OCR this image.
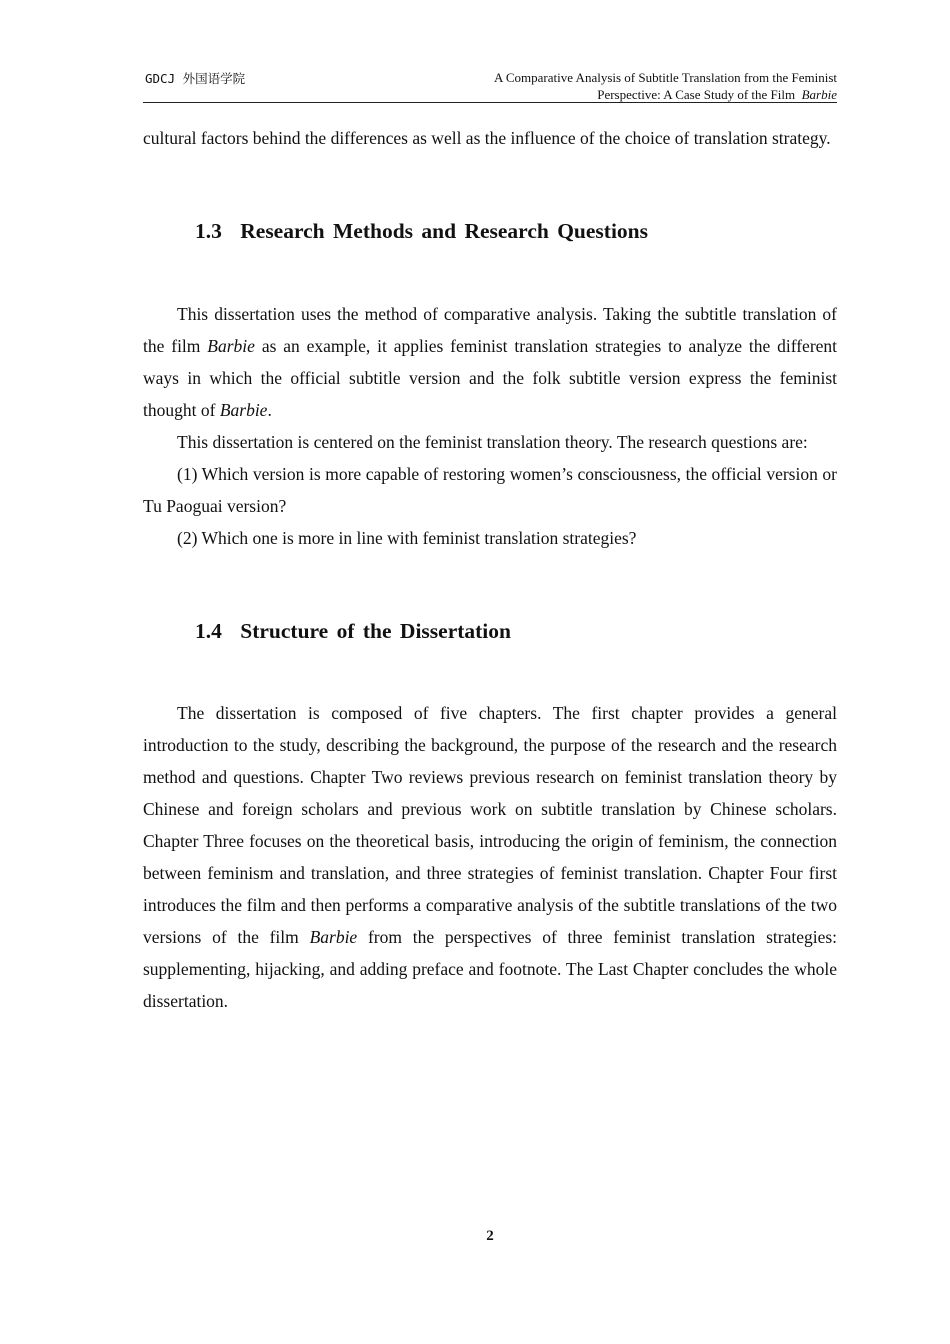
GDCJ 外国语学院	A Comparative Analysis of Subtitle Translation from the Feminist
Perspective: A Case Study of the Film Barbie

cultural factors behind the differences as well as the influence of the choice of translation strategy.

1.3 Research Methods and Research Questions

This dissertation uses the method of comparative analysis. Taking the subtitle translation of the film Barbie as an example, it applies feminist translation strategies to analyze the different ways in which the official subtitle version and the folk subtitle version express the feminist thought of Barbie.

This dissertation is centered on the feminist translation theory. The research questions are:

(1) Which version is more capable of restoring women’s consciousness, the official version or Tu Paoguai version?

(2) Which one is more in line with feminist translation strategies?

1.4 Structure of the Dissertation

The dissertation is composed of five chapters. The first chapter provides a general introduction to the study, describing the background, the purpose of the research and the research method and questions. Chapter Two reviews previous research on feminist translation theory by Chinese and foreign scholars and previous work on subtitle translation by Chinese scholars. Chapter Three focuses on the theoretical basis, introducing the origin of feminism, the connection between feminism and translation, and three strategies of feminist translation. Chapter Four first introduces the film and then performs a comparative analysis of the subtitle translations of the two versions of the film Barbie from the perspectives of three feminist translation strategies: supplementing, hijacking, and adding preface and footnote. The Last Chapter concludes the whole dissertation.

2
